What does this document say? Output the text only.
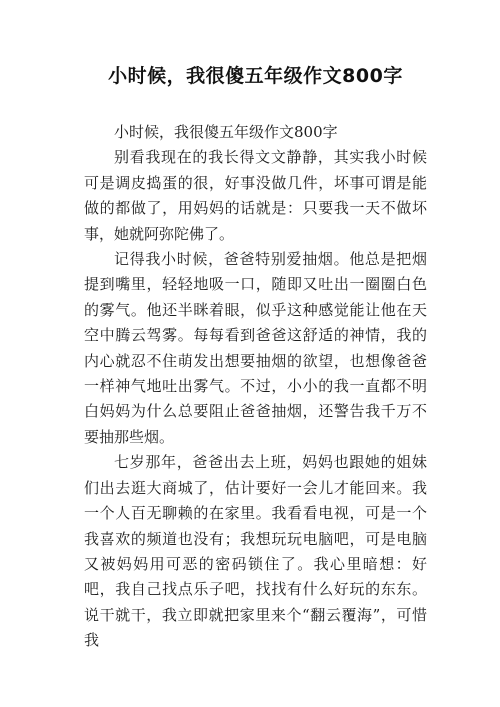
小时候，我很傻五年级作文800字

小时候，我很傻五年级作文800字

别看我现在的我长得文文静静，其实我小时候可是调皮捣蛋的很，好事没做几件，坏事可谓是能做的都做了，用妈妈的话就是：只要我一天不做坏事，她就阿弥陀佛了。

记得我小时候，爸爸特别爱抽烟。他总是把烟提到嘴里，轻轻地吸一口，随即又吐出一圈圈白色的雾气。他还半眯着眼，似乎这种感觉能让他在天空中腾云驾雾。每每看到爸爸这舒适的神情，我的内心就忍不住萌发出想要抽烟的欲望，也想像爸爸一样神气地吐出雾气。不过，小小的我一直都不明白妈妈为什么总要阻止爸爸抽烟，还警告我千万不要抽那些烟。

七岁那年，爸爸出去上班，妈妈也跟她的姐妹们出去逛大商城了，估计要好一会儿才能回来。我一个人百无聊赖的在家里。我看看电视，可是一个我喜欢的频道也没有；我想玩玩电脑吧，可是电脑又被妈妈用可恶的密码锁住了。我心里暗想：好吧，我自己找点乐子吧，找找有什么好玩的东东。说干就干，我立即就把家里来个“翻云覆海”，可惜我
